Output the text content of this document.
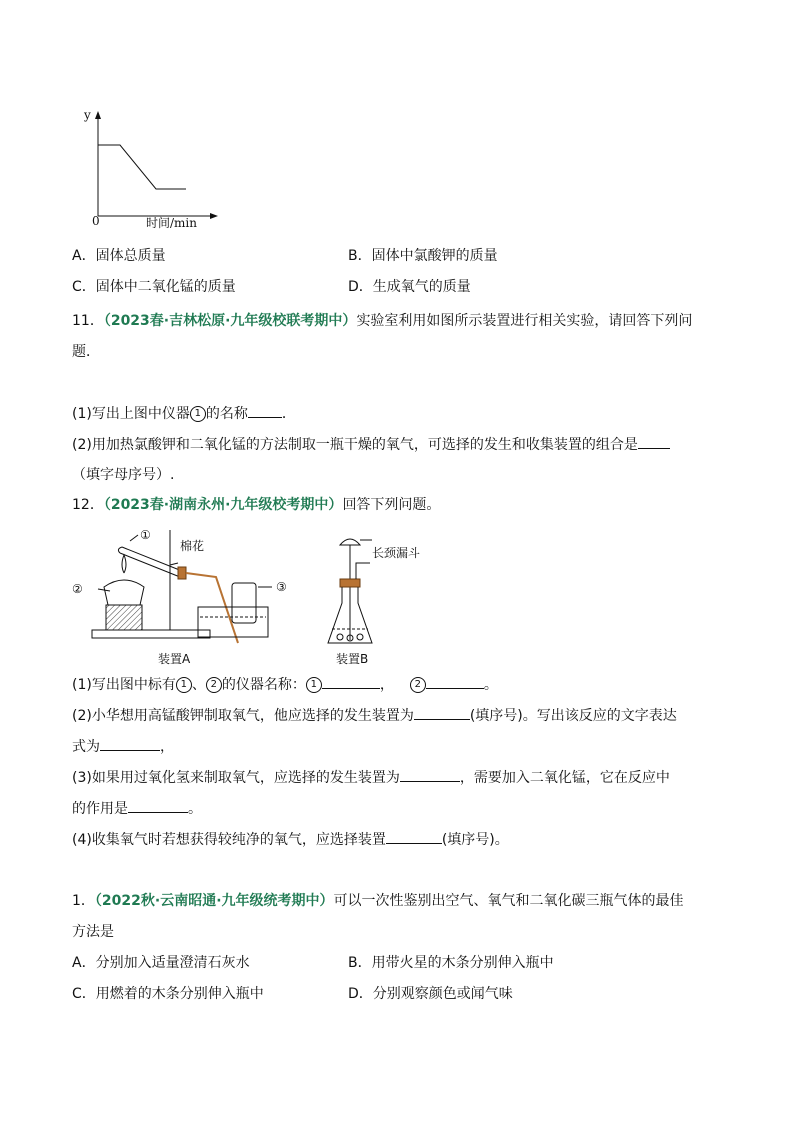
y
0	时间/min
A．固体总质量	B．固体中氯酸钾的质量
C．固体中二氧化锰的质量	D．生成氧气的质量
11．（2023春·吉林松原·九年级校联考期中）实验室利用如图所示装置进行相关实验，请回答下列问
题．
(1)写出上图中仪器 1 的名称 ．
(2)用加热氯酸钾和二氧化锰的方法制取一瓶干燥的氧气，可选择的发生和收集装置的组合是
（填字母序号）.
12．（2023春·湖南永州·九年级校考期中）回答下列问题。
①
②	③
棉花	长颈漏斗
装置A	装置B
(1)写出图中标有 1 、 2 的仪器名称： 1	， 2	。
(2)小华想用高锰酸钾制取氧气，他应选择的发生装置为	(填序号)。写出该反应的文字表达
式为	，
(3)如果用过氧化氢来制取氧气，应选择的发生装置为	，需要加入二氧化锰，它在反应中
的作用是	。
(4)收集氧气时若想获得较纯净的氧气，应选择装置	(填序号)。
1．（2022秋·云南昭通·九年级统考期中）可以一次性鉴别出空气、氧气和二氧化碳三瓶气体的最佳
方法是
A．分别加入适量澄清石灰水	B．用带火星的木条分别伸入瓶中
C．用燃着的木条分别伸入瓶中	D．分别观察颜色或闻气味
